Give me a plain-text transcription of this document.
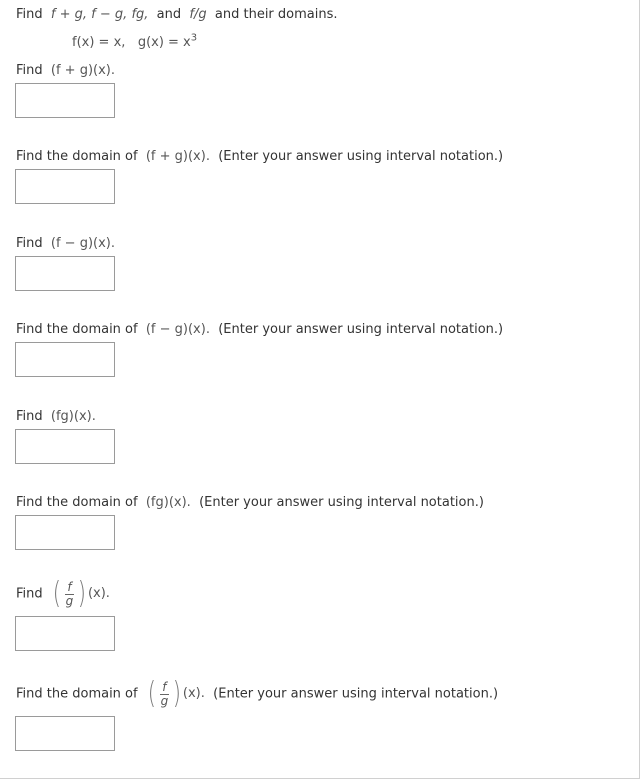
Find f + g, f − g, fg, and f/g and their domains.
f(x) = x, $g(x) = x^3$
Find (f + g)(x).
Find the domain of (f + g)(x). (Enter your answer using interval notation.)
Find (f − g)(x).
Find the domain of (f − g)(x). (Enter your answer using interval notation.)
Find (fg)(x).
Find the domain of (fg)(x). (Enter your answer using interval notation.)
Find ( $\frac{f}{g}$ ) (x).
Find the domain of ( $\frac{f}{g}$ ) (x). (Enter your answer using interval notation.)
